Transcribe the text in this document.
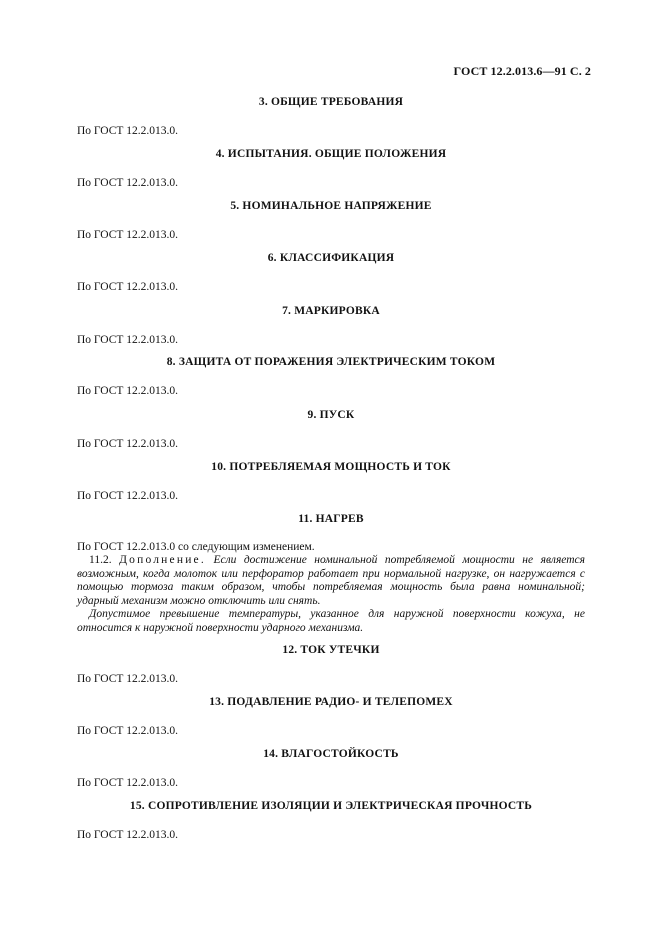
ГОСТ 12.2.013.6—91 С. 2

3. ОБЩИЕ ТРЕБОВАНИЯ

По ГОСТ 12.2.013.0.

4. ИСПЫТАНИЯ. ОБЩИЕ ПОЛОЖЕНИЯ

По ГОСТ 12.2.013.0.

5. НОМИНАЛЬНОЕ НАПРЯЖЕНИЕ

По ГОСТ 12.2.013.0.

6. КЛАССИФИКАЦИЯ

По ГОСТ 12.2.013.0.

7. МАРКИРОВКА

По ГОСТ 12.2.013.0.

8. ЗАЩИТА ОТ ПОРАЖЕНИЯ ЭЛЕКТРИЧЕСКИМ ТОКОМ

По ГОСТ 12.2.013.0.

9. ПУСК

По ГОСТ 12.2.013.0.

10. ПОТРЕБЛЯЕМАЯ МОЩНОСТЬ И ТОК

По ГОСТ 12.2.013.0.

11. НАГРЕВ

По ГОСТ 12.2.013.0 со следующим изменением.

11.2. Дополнение. Если достижение номинальной потребляемой мощности не является возможным, когда молоток или перфоратор работает при нормальной нагрузке, он нагружается с помощью тормоза таким образом, чтобы потребляемая мощность была равна номинальной; ударный механизм можно отключить или снять.

Допустимое превышение температуры, указанное для наружной поверхности кожуха, не относится к наружной поверхности ударного механизма.

12. ТОК УТЕЧКИ

По ГОСТ 12.2.013.0.

13. ПОДАВЛЕНИЕ РАДИО- И ТЕЛЕПОМЕХ

По ГОСТ 12.2.013.0.

14. ВЛАГОСТОЙКОСТЬ

По ГОСТ 12.2.013.0.

15. СОПРОТИВЛЕНИЕ ИЗОЛЯЦИИ И ЭЛЕКТРИЧЕСКАЯ ПРОЧНОСТЬ

По ГОСТ 12.2.013.0.
